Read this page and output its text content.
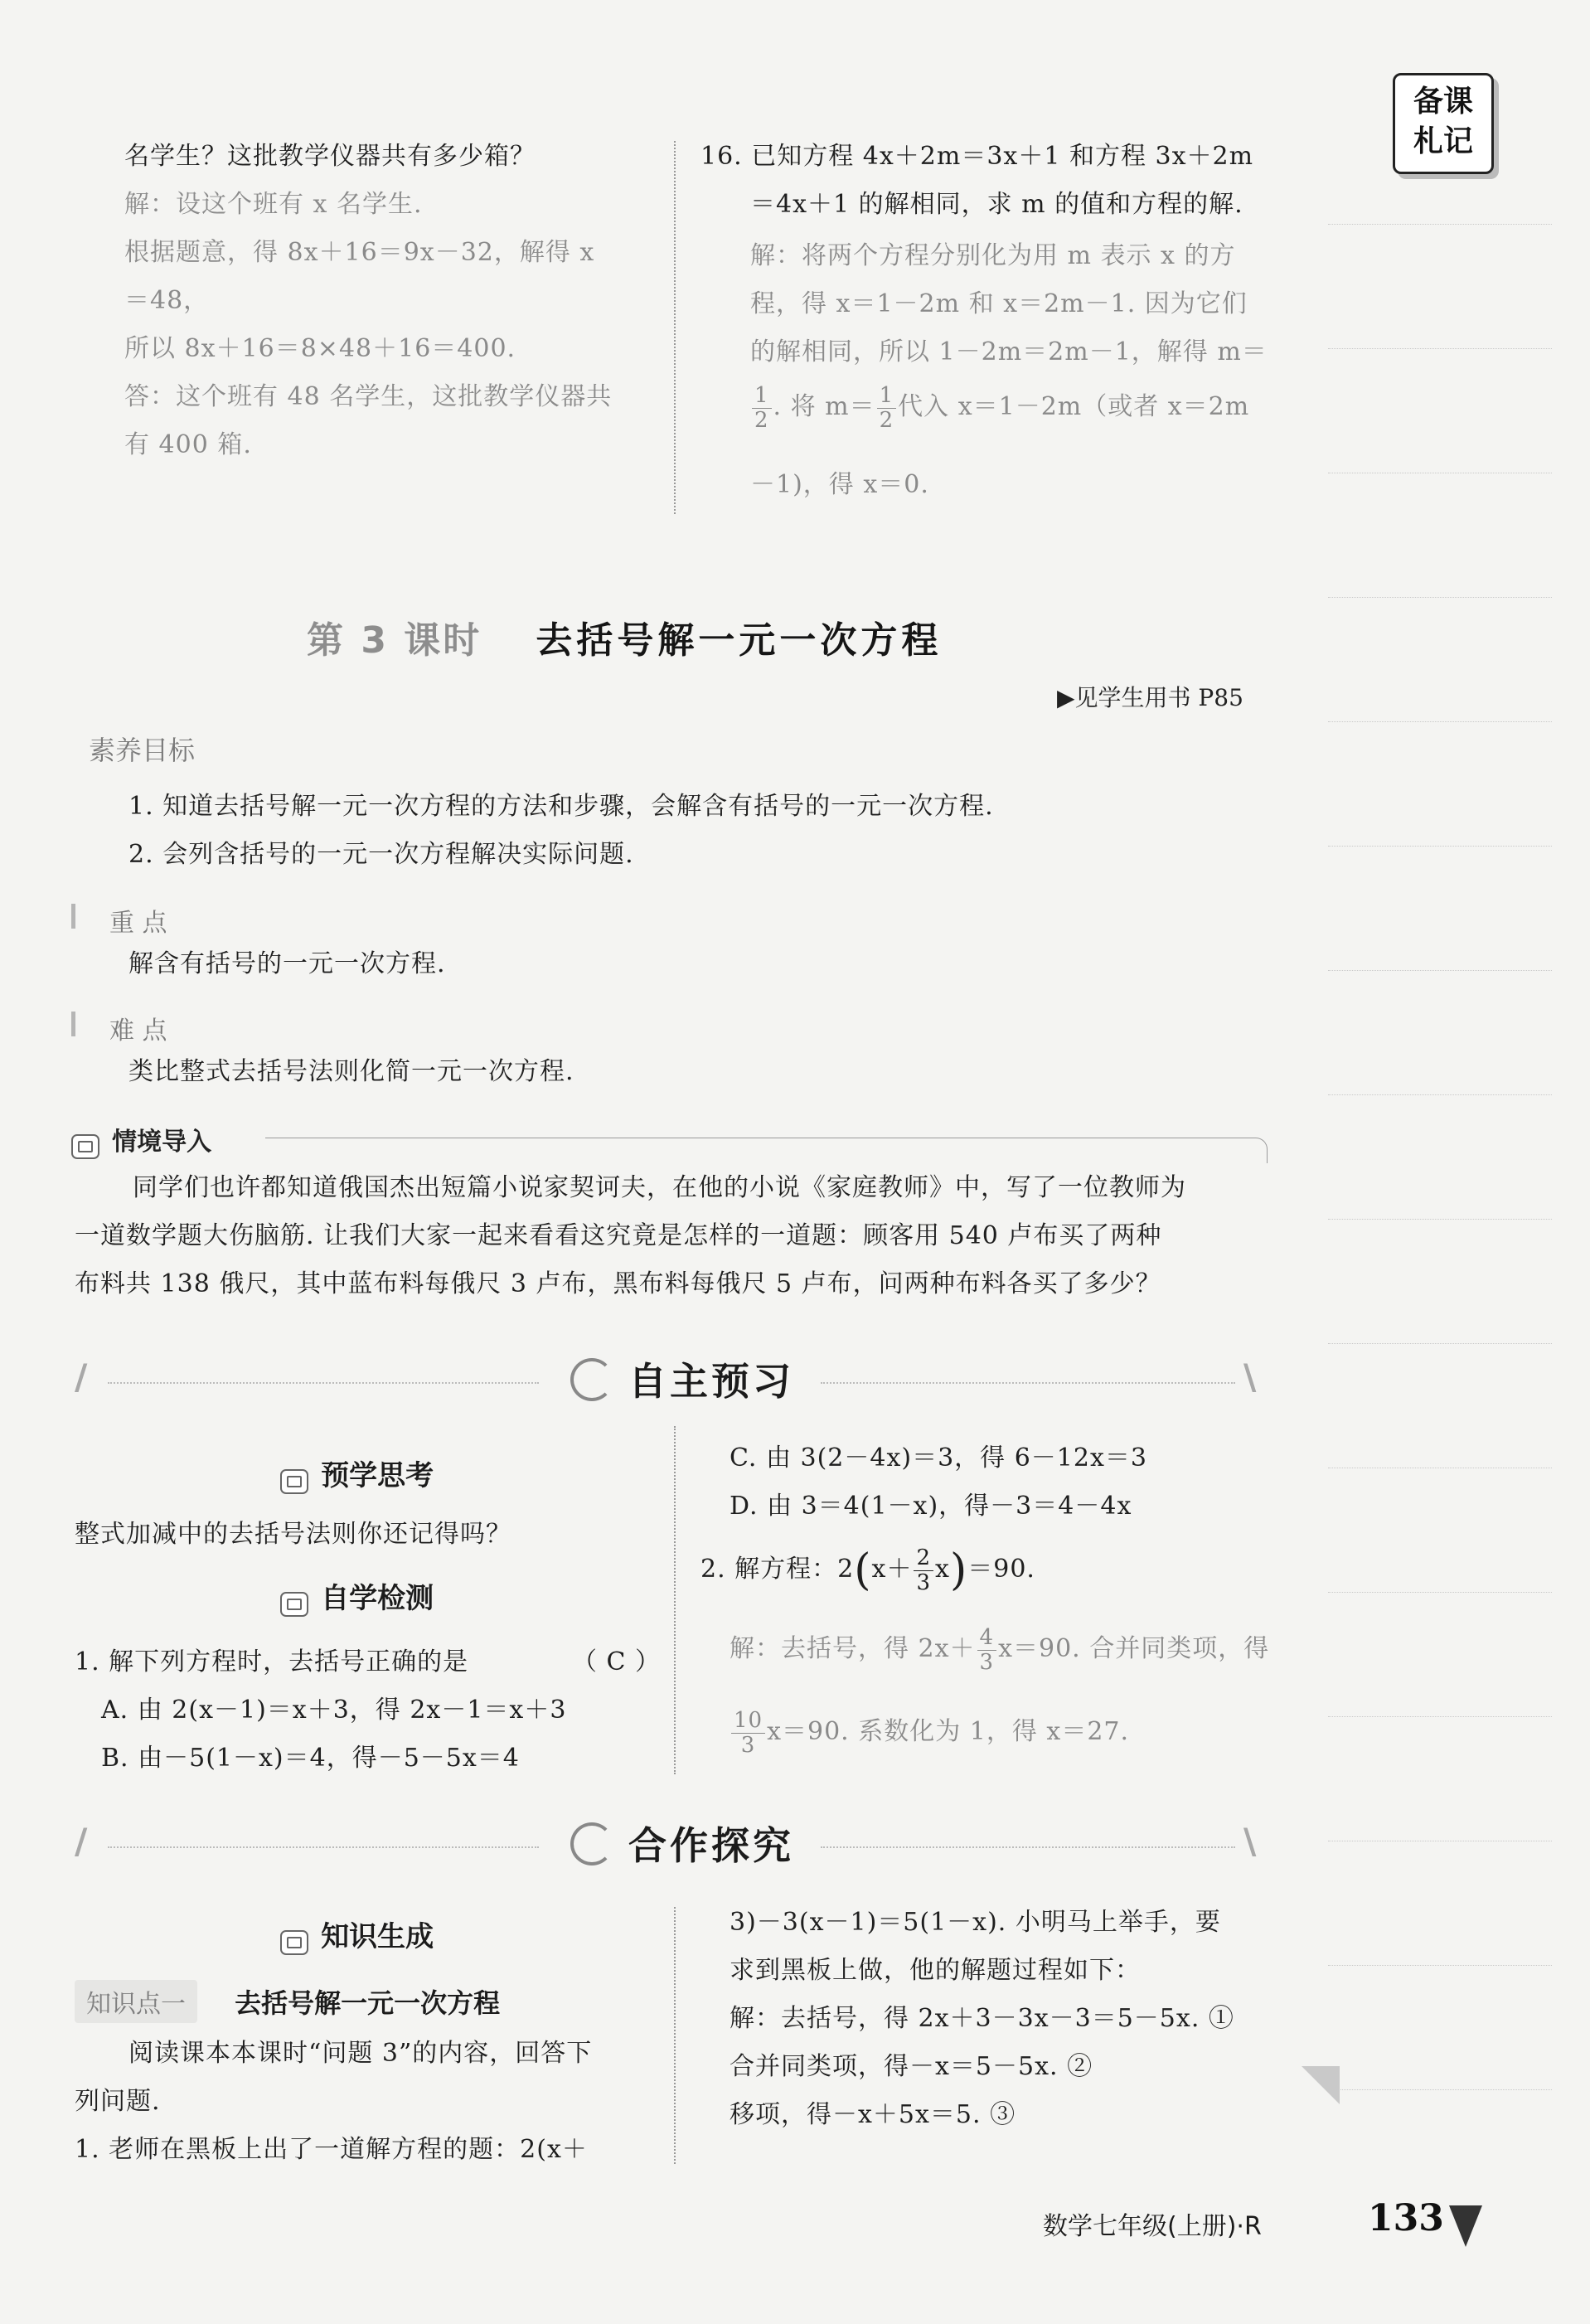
备课
札记
名学生？这批教学仪器共有多少箱？
解：设这个班有 x 名学生.
根据题意，得 8x＋16＝9x－32，解得 x
＝48，
所以 8x＋16＝8×48＋16＝400.
答：这个班有 48 名学生，这批教学仪器共
有 400 箱.
16. 已知方程 4x＋2m＝3x＋1 和方程 3x＋2m
＝4x＋1 的解相同，求 m 的值和方程的解.
解：将两个方程分别化为用 m 表示 x 的方
程，得 x＝1－2m 和 x＝2m－1. 因为它们
的解相同，所以 1－2m＝2m－1，解得 m＝
$\frac{1}{2}$ . 将 $m= \frac{1}{2}$ 代入 x＝1－2m（或者 x＝2m
－1)，得 x＝0.
第 3 课时 去括号解一元一次方程
▶见学生用书 P85
素养目标
1. 知道去括号解一元一次方程的方法和步骤，会解含有括号的一元一次方程.
2. 会列含括号的一元一次方程解决实际问题.
重 点
解含有括号的一元一次方程.
难 点
类比整式去括号法则化简一元一次方程.
情境导入
同学们也许都知道俄国杰出短篇小说家契诃夫，在他的小说《家庭教师》中，写了一位教师为
一道数学题大伤脑筋. 让我们大家一起来看看这究竟是怎样的一道题：顾客用 540 卢布买了两种
布料共 138 俄尺，其中蓝布料每俄尺 3 卢布，黑布料每俄尺 5 卢布，问两种布料各买了多少？
/	\
自主预习
预学思考
整式加减中的去括号法则你还记得吗？
自学检测
1. 解下列方程时，去括号正确的是	（ C ）
A. 由 2(x－1)＝x＋3，得 2x－1＝x＋3
B. 由－5(1－x)＝4，得－5－5x＝4
C. 由 3(2－4x)＝3，得 6－12x＝3
D. 由 3＝4(1－x)，得－3＝4－4x
2. 解方程：$2(x+ \frac{2}{3} x)=90$.
解：去括号，得 $2x+ \frac{4}{3} x=90$. 合并同类项，得
$\frac{10}{3} x=90$. 系数化为 1，得 x＝27.
/	\
合作探究
知识生成
知识点一 去括号解一元一次方程
阅读课本本课时“问题 3”的内容，回答下
列问题.
1. 老师在黑板上出了一道解方程的题：2(x＋
3)－3(x－1)＝5(1－x). 小明马上举手，要
求到黑板上做，他的解题过程如下：
解：去括号，得 2x＋3－3x－3＝5－5x. ①
合并同类项，得－x＝5－5x. ②
移项，得－x＋5x＝5. ③
数学七年级(上册)·R	133
